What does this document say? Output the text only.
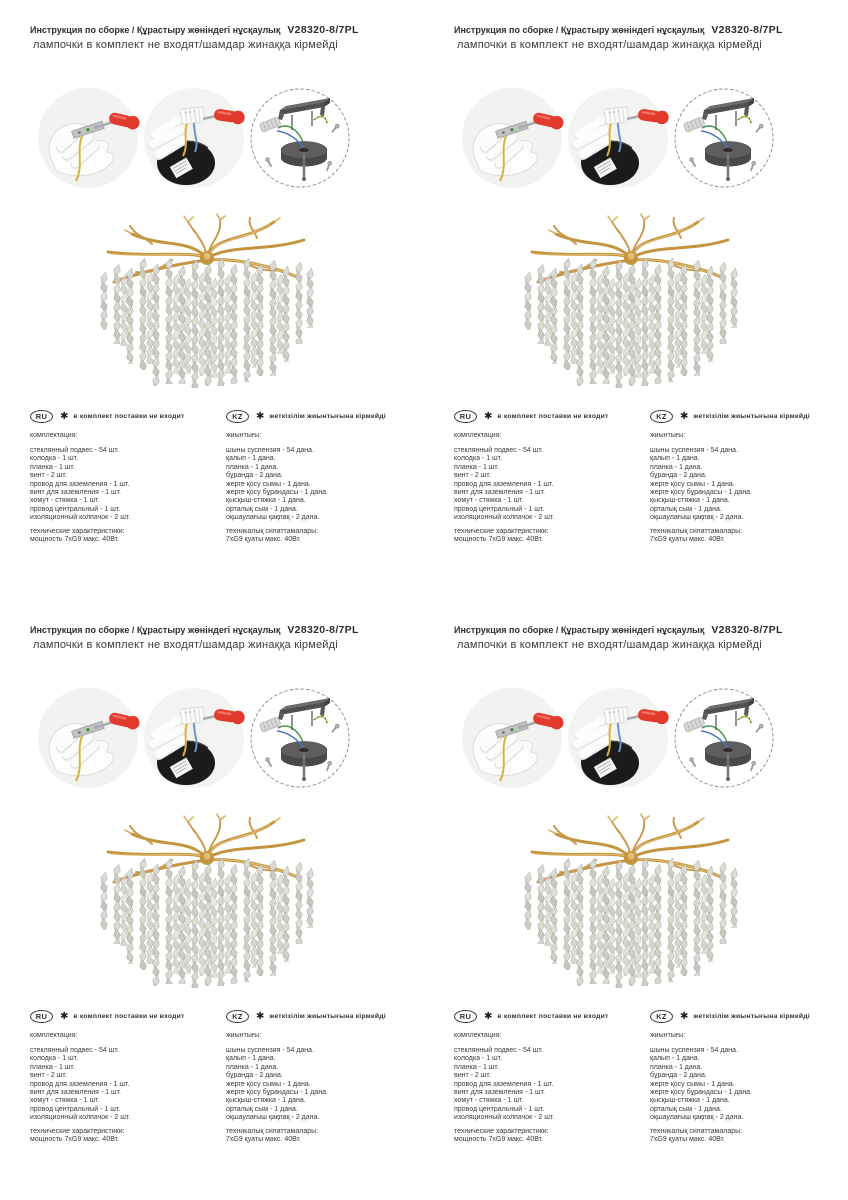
Инструкция по сборке / Құрастыру жөніндегі нұсқаулық V28320-8/7PL
лампочки в комплект не входят/шамдар жинаққа кірмейді
RU	✱ в комплект поставки не входит
комплектация:
стеклянный подвес - 54 шт.
колодка - 1 шт.
планка - 1 шт.
винт - 2 шт.
провод для заземления - 1 шт.
винт для заземления - 1 шт.
хомут - стяжка - 1 шт.
провод центральный - 1 шт.
изоляционный колпачок - 2 шт.
технические характеристики:
мощность 7xG9 макс. 40Вт.
KZ	✱ жеткізілім жиынтығына кірмейді
жиынтығы:
шыны суспензия - 54 дана.
қалып - 1 дана.
планка - 1 дана.
бұранда - 2 дана.
жерге қосу сымы - 1 дана.
жерге қосу бұрандасы - 1 дана.
қысқыш-стяжка - 1 дана.
орталық сым - 1 дана.
оқшаулағыш қақпақ - 2 дана.
техникалық сипаттамалары:
7xG9 қуаты макс. 40Вт.
Инструкция по сборке / Құрастыру жөніндегі нұсқаулық V28320-8/7PL
лампочки в комплект не входят/шамдар жинаққа кірмейді
RU	✱ в комплект поставки не входит
комплектация:
стеклянный подвес - 54 шт.
колодка - 1 шт.
планка - 1 шт.
винт - 2 шт.
провод для заземления - 1 шт.
винт для заземления - 1 шт.
хомут - стяжка - 1 шт.
провод центральный - 1 шт.
изоляционный колпачок - 2 шт.
технические характеристики:
мощность 7xG9 макс. 40Вт.
KZ	✱ жеткізілім жиынтығына кірмейді
жиынтығы:
шыны суспензия - 54 дана.
қалып - 1 дана.
планка - 1 дана.
бұранда - 2 дана.
жерге қосу сымы - 1 дана.
жерге қосу бұрандасы - 1 дана.
қысқыш-стяжка - 1 дана.
орталық сым - 1 дана.
оқшаулағыш қақпақ - 2 дана.
техникалық сипаттамалары:
7xG9 қуаты макс. 40Вт.
Инструкция по сборке / Құрастыру жөніндегі нұсқаулық V28320-8/7PL
лампочки в комплект не входят/шамдар жинаққа кірмейді
RU	✱ в комплект поставки не входит
комплектация:
стеклянный подвес - 54 шт.
колодка - 1 шт.
планка - 1 шт.
винт - 2 шт.
провод для заземления - 1 шт.
винт для заземления - 1 шт.
хомут - стяжка - 1 шт.
провод центральный - 1 шт.
изоляционный колпачок - 2 шт.
технические характеристики:
мощность 7xG9 макс. 40Вт.
KZ	✱ жеткізілім жиынтығына кірмейді
жиынтығы:
шыны суспензия - 54 дана.
қалып - 1 дана.
планка - 1 дана.
бұранда - 2 дана.
жерге қосу сымы - 1 дана.
жерге қосу бұрандасы - 1 дана.
қысқыш-стяжка - 1 дана.
орталық сым - 1 дана.
оқшаулағыш қақпақ - 2 дана.
техникалық сипаттамалары:
7xG9 қуаты макс. 40Вт.
Инструкция по сборке / Құрастыру жөніндегі нұсқаулық V28320-8/7PL
лампочки в комплект не входят/шамдар жинаққа кірмейді
RU	✱ в комплект поставки не входит
комплектация:
стеклянный подвес - 54 шт.
колодка - 1 шт.
планка - 1 шт.
винт - 2 шт.
провод для заземления - 1 шт.
винт для заземления - 1 шт.
хомут - стяжка - 1 шт.
провод центральный - 1 шт.
изоляционный колпачок - 2 шт.
технические характеристики:
мощность 7xG9 макс. 40Вт.
KZ	✱ жеткізілім жиынтығына кірмейді
жиынтығы:
шыны суспензия - 54 дана.
қалып - 1 дана.
планка - 1 дана.
бұранда - 2 дана.
жерге қосу сымы - 1 дана.
жерге қосу бұрандасы - 1 дана.
қысқыш-стяжка - 1 дана.
орталық сым - 1 дана.
оқшаулағыш қақпақ - 2 дана.
техникалық сипаттамалары:
7xG9 қуаты макс. 40Вт.
